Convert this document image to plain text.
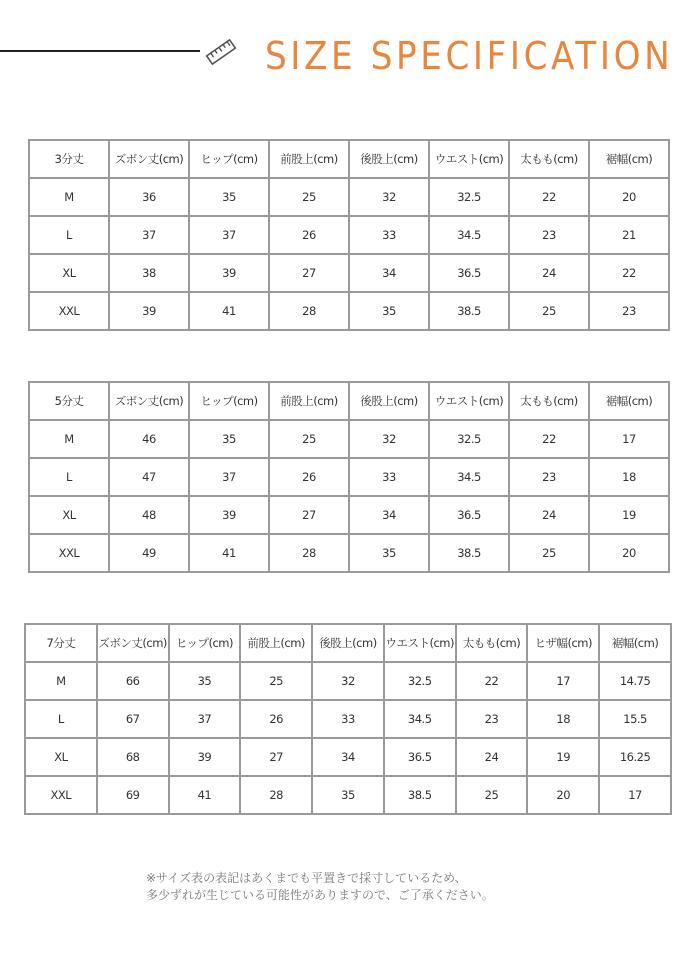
SIZE SPECIFICATION
3分丈	ズボン丈(cm)	ヒップ(cm)	前股上(cm)	後股上(cm)	ウエスト(cm)	太もも(cm)	裾幅(cm)
M	36	35	25	32	32.5	22	20
L	37	37	26	33	34.5	23	21
XL	38	39	27	34	36.5	24	22
XXL	39	41	28	35	38.5	25	23
5分丈	ズボン丈(cm)	ヒップ(cm)	前股上(cm)	後股上(cm)	ウエスト(cm)	太もも(cm)	裾幅(cm)
M	46	35	25	32	32.5	22	17
L	47	37	26	33	34.5	23	18
XL	48	39	27	34	36.5	24	19
XXL	49	41	28	35	38.5	25	20
7分丈	ズボン丈(cm)	ヒップ(cm)	前股上(cm)	後股上(cm)	ウエスト(cm)	太もも(cm)	ヒザ幅(cm)	裾幅(cm)
M	66	35	25	32	32.5	22	17	14.75
L	67	37	26	33	34.5	23	18	15.5
XL	68	39	27	34	36.5	24	19	16.25
XXL	69	41	28	35	38.5	25	20	17
※サイズ表の表記はあくまでも平置きで採寸しているため、
多少ずれが生じている可能性がありますので、ご了承ください。
